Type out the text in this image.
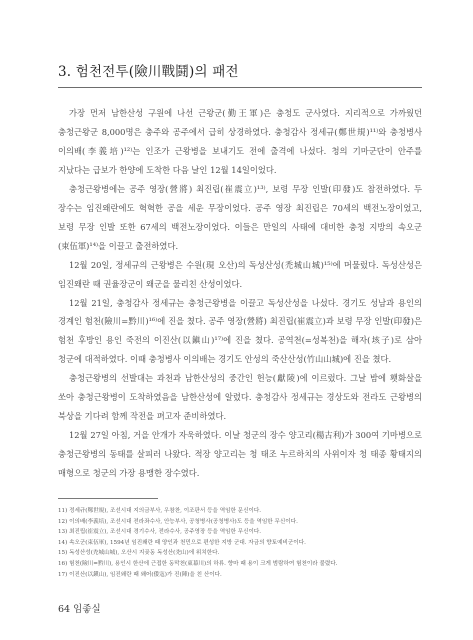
3. 험천전투(險川戰鬪)의 패전

가장 먼저 남한산성 구원에 나선 근왕군(勤王軍)은 충청도 군사였다. 지리적으로 가까웠던 충청근왕군 8,000명은 충주와 공주에서 급히 상경하였다. 충청감사 정세규(鄭世規)¹¹⁾와 충청병사 이의배(李義培)¹²⁾는 인조가 근왕병을 보내기도 전에 출격에 나섰다. 청의 기마군단이 안주를 지났다는 급보가 한양에 도착한 다음 날인 12월 14일이었다.

충청근왕병에는 공주 영장(營將) 최진립(崔震立)¹³⁾, 보령 무장 인발(印發)도 참전하였다. 두 장수는 임진왜란에도 혁혁한 공을 세운 무장이었다. 공주 영장 최진립은 70세의 백전노장이었고, 보령 무장 인발 또한 67세의 백전노장이었다. 이들은 만일의 사태에 대비한 충청 지방의 속오군(束伍軍)¹⁴⁾을 이끌고 출전하였다.

12월 20일, 정세규의 근왕병은 수원(現 오산)의 독성산성(禿城山城)¹⁵⁾에 머물렀다. 독성산성은 임진왜란 때 권율장군이 왜군을 물리친 산성이었다.

12월 21일, 충청감사 정세규는 충청근왕병을 이끌고 독성산성을 나섰다. 경기도 성남과 용인의 경계인 험천(險川=黔川)¹⁶⁾에 진을 쳤다. 공주 영장(營將) 최진립(崔震立)과 보령 무장 인발(印發)은 험천 후방인 용인 죽전의 이진산(以鎭山)¹⁷⁾에 진을 쳤다. 공역천(=성복천)을 해자(垓子)로 삼아 청군에 대적하였다. 이때 충청병사 이의배는 경기도 안성의 죽산산성(竹山山城)에 진을 쳤다.

충청근왕병의 선발대는 과천과 남한산성의 중간인 헌능(獻陵)에 이르렀다. 그날 밤에 횃화살을 쏘아 충청근왕병이 도착하였음을 남한산성에 알렸다. 충청감사 정세규는 경상도와 전라도 근왕병의 북상을 기다려 함께 작전을 펴고자 준비하였다.

12월 27일 아침, 거을 안개가 자욱하였다. 이날 청군의 장수 양고리(楊古利)가 300여 기마병으로 충청근왕병의 동태를 살피러 나왔다. 적장 양고리는 청 태조 누르하치의 사위이자 청 태종 황태지의 매형으로 청군의 가장 용맹한 장수였다.

11) 정세규(鄭世規), 조선시대 지의금부사, 우참찬, 이조판서 등을 역임한 문신이다.
12) 이의배(李義培), 조선시대 전라좌수사, 안능부사, 공청병사(공청병사)도 등을 역임한 무신이다.
13) 최진립(崔震立), 조선시대 경기수사, 전라수사, 공주영장 등을 역임한 무신이다.
14) 속오군(束伍軍), 1594년 임진왜란 때 양인과 천민으로 편성한 지방 군대. 자금의 향토예비군이다.
15) 독성산성(禿城山城), 오산시 지곶동 독성산(禿山)에 위치한다.
16) 험천(險川=黔川), 용인시 한산에 근접한 동막천(東幕川)의 하류. 향마 때 용이 크게 범람하여 험천이라 불렸다.
17) 이진산(以鎭山), 임진왜란 때 왜어(倭寇)가 진(陣)을 친 산이다.
64 임좋실
